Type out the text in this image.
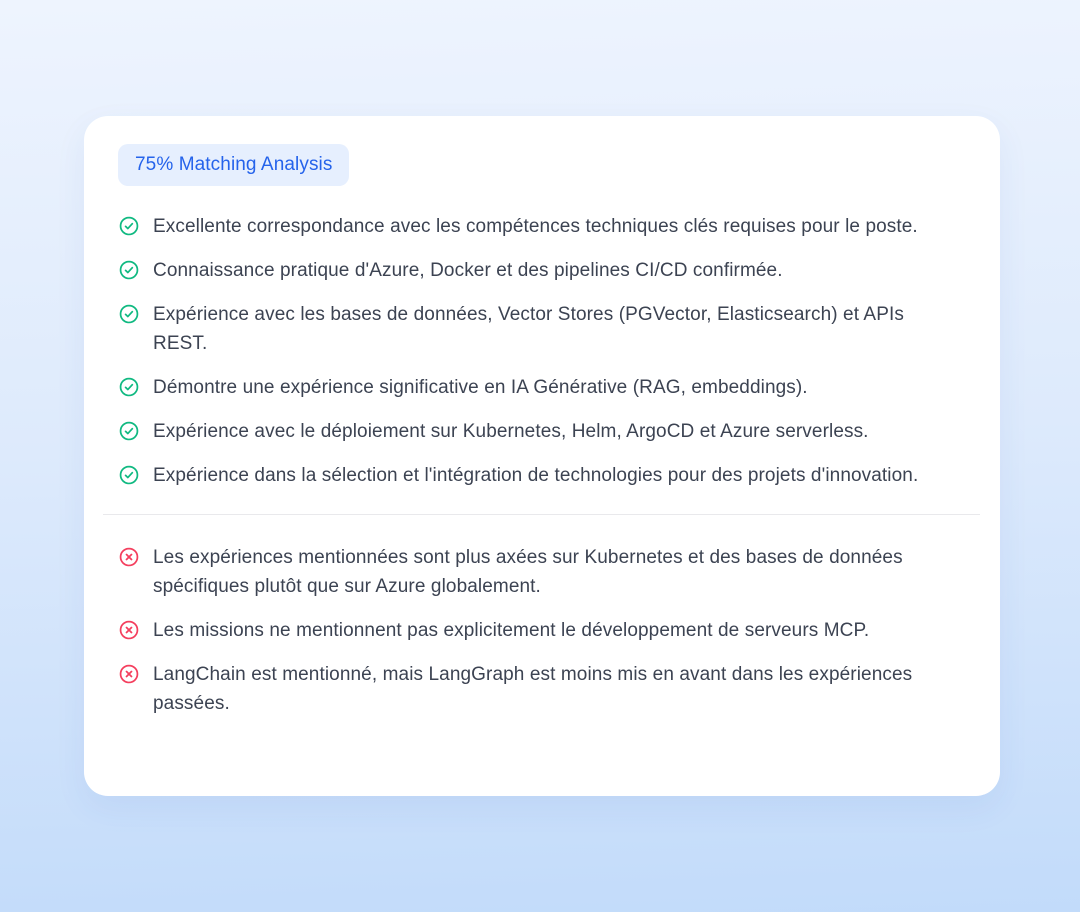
75% Matching Analysis
Excellente correspondance avec les compétences techniques clés requises pour le poste.
Connaissance pratique d'Azure, Docker et des pipelines CI/CD confirmée.
Expérience avec les bases de données, Vector Stores (PGVector, Elasticsearch) et APIs REST.
Démontre une expérience significative en IA Générative (RAG, embeddings).
Expérience avec le déploiement sur Kubernetes, Helm, ArgoCD et Azure serverless.
Expérience dans la sélection et l'intégration de technologies pour des projets d'innovation.
Les expériences mentionnées sont plus axées sur Kubernetes et des bases de données spécifiques plutôt que sur Azure globalement.
Les missions ne mentionnent pas explicitement le développement de serveurs MCP.
LangChain est mentionné, mais LangGraph est moins mis en avant dans les expériences passées.
